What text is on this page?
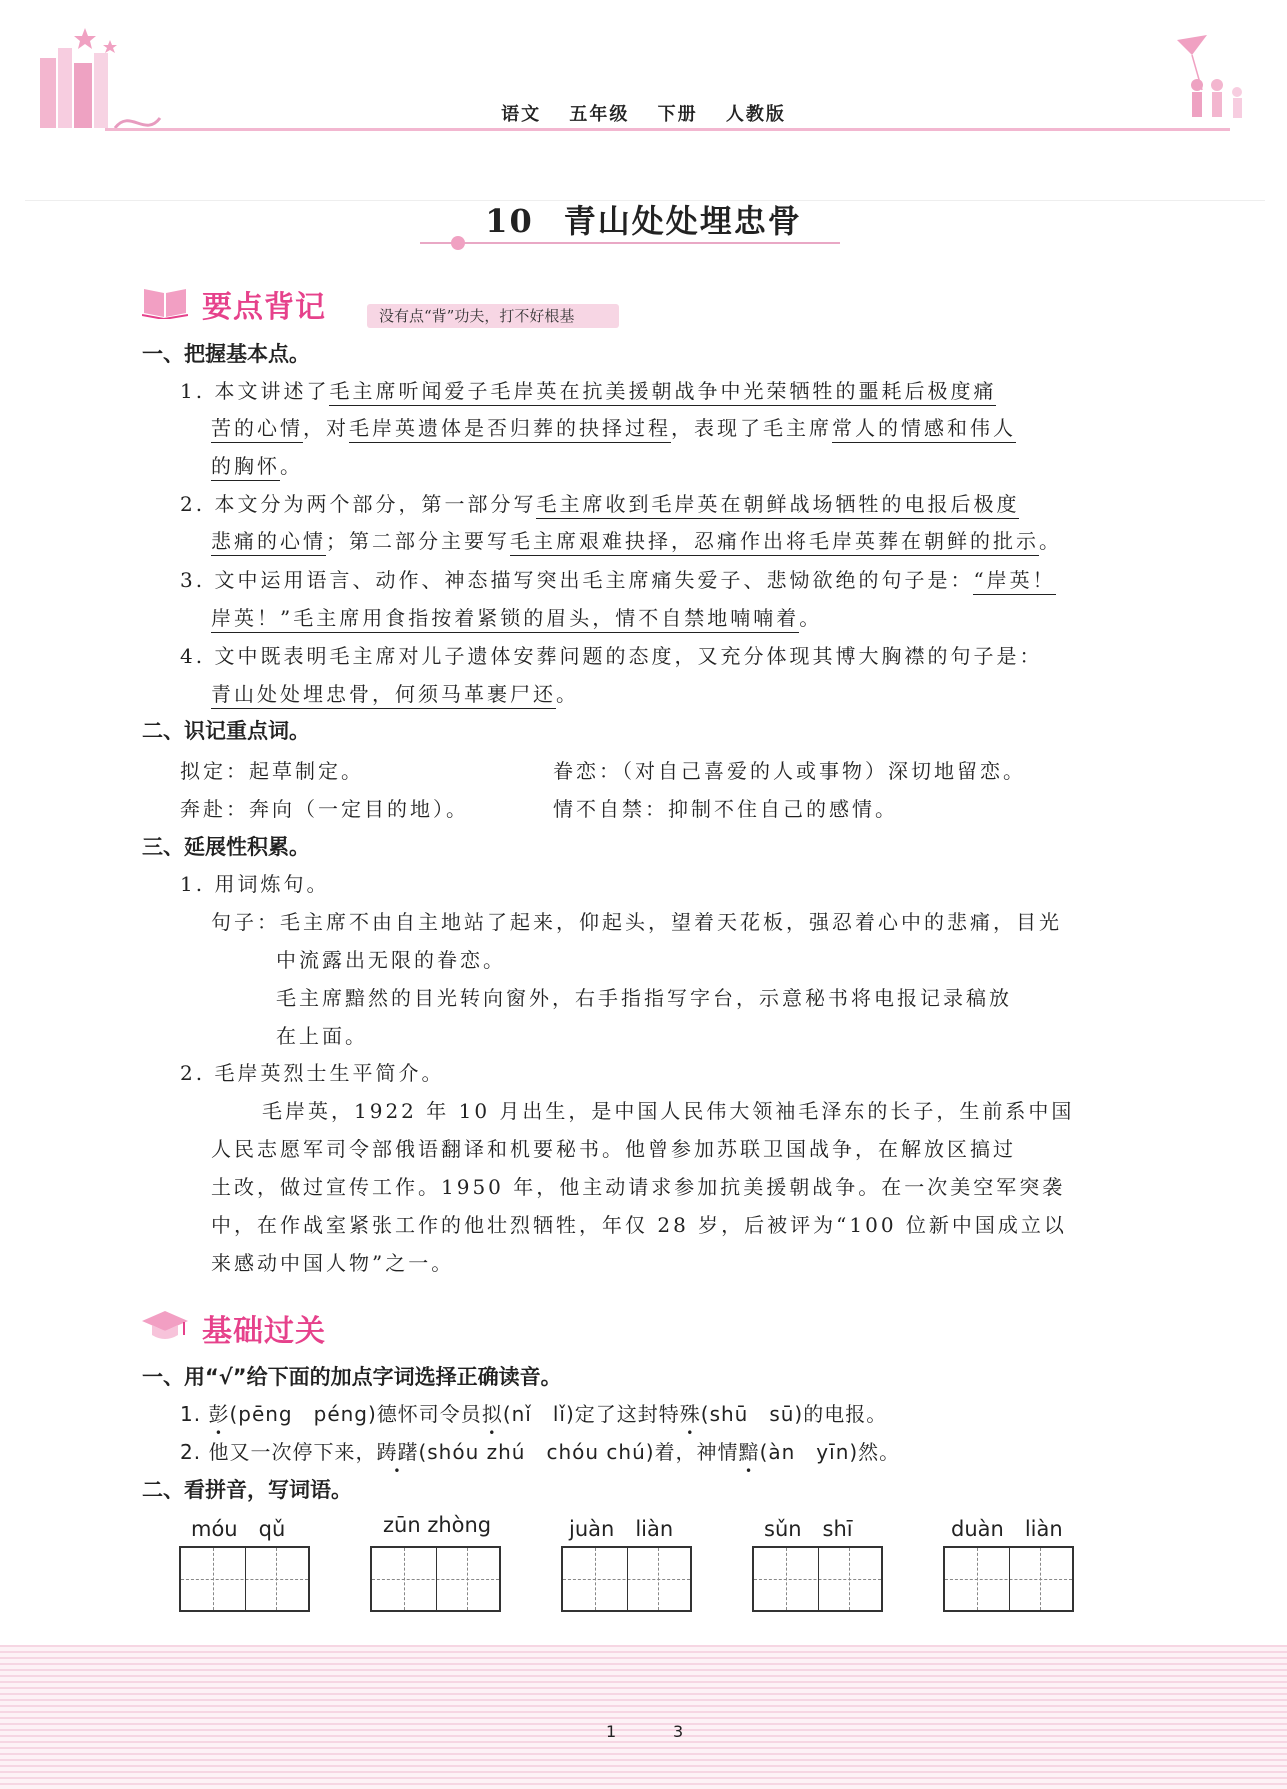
语文 五年级 下册 人教版
10 青山处处埋忠骨
要点背记	没有点“背”功夫，打不好根基
一、把握基本点。
1. 本文讲述了毛主席听闻爱子毛岸英在抗美援朝战争中光荣牺牲的噩耗后极度痛
苦的心情，对毛岸英遗体是否归葬的抉择过程，表现了毛主席常人的情感和伟人
的胸怀。
2. 本文分为两个部分，第一部分写毛主席收到毛岸英在朝鲜战场牺牲的电报后极度
悲痛的心情；第二部分主要写毛主席艰难抉择，忍痛作出将毛岸英葬在朝鲜的批示。
3. 文中运用语言、动作、神态描写突出毛主席痛失爱子、悲恸欲绝的句子是：“岸英！
岸英！”毛主席用食指按着紧锁的眉头，情不自禁地喃喃着。
4. 文中既表明毛主席对儿子遗体安葬问题的态度，又充分体现其博大胸襟的句子是：
青山处处埋忠骨，何须马革裹尸还。
二、识记重点词。
拟定：起草制定。	眷恋：（对自己喜爱的人或事物）深切地留恋。
奔赴：奔向（一定目的地）。	情不自禁：抑制不住自己的感情。
三、延展性积累。
1. 用词炼句。
句子：毛主席不由自主地站了起来，仰起头，望着天花板，强忍着心中的悲痛，目光
中流露出无限的眷恋。
毛主席黯然的目光转向窗外，右手指指写字台，示意秘书将电报记录稿放
在上面。
2. 毛岸英烈士生平简介。
毛岸英，1922 年 10 月出生，是中国人民伟大领袖毛泽东的长子，生前系中国
人民志愿军司令部俄语翻译和机要秘书。他曾参加苏联卫国战争，在解放区搞过
土改，做过宣传工作。1950 年，他主动请求参加抗美援朝战争。在一次美空军突袭
中，在作战室紧张工作的他壮烈牺牲，年仅 28 岁，后被评为“100 位新中国成立以
来感动中国人物”之一。
基础过关
一、用“√”给下面的加点字词选择正确读音。
1. 彭(pēng　péng)德怀司令员拟(nǐ　lǐ)定了这封特殊(shū　sū)的电报。
2. 他又一次停下来，踌躇(shóu zhú　chóu chú)着，神情黯(àn　yīn)然。
二、看拼音，写词语。
móu　qǔ	zūn zhòng	juàn　liàn	sǔn　shī	duàn　liàn
1	3
